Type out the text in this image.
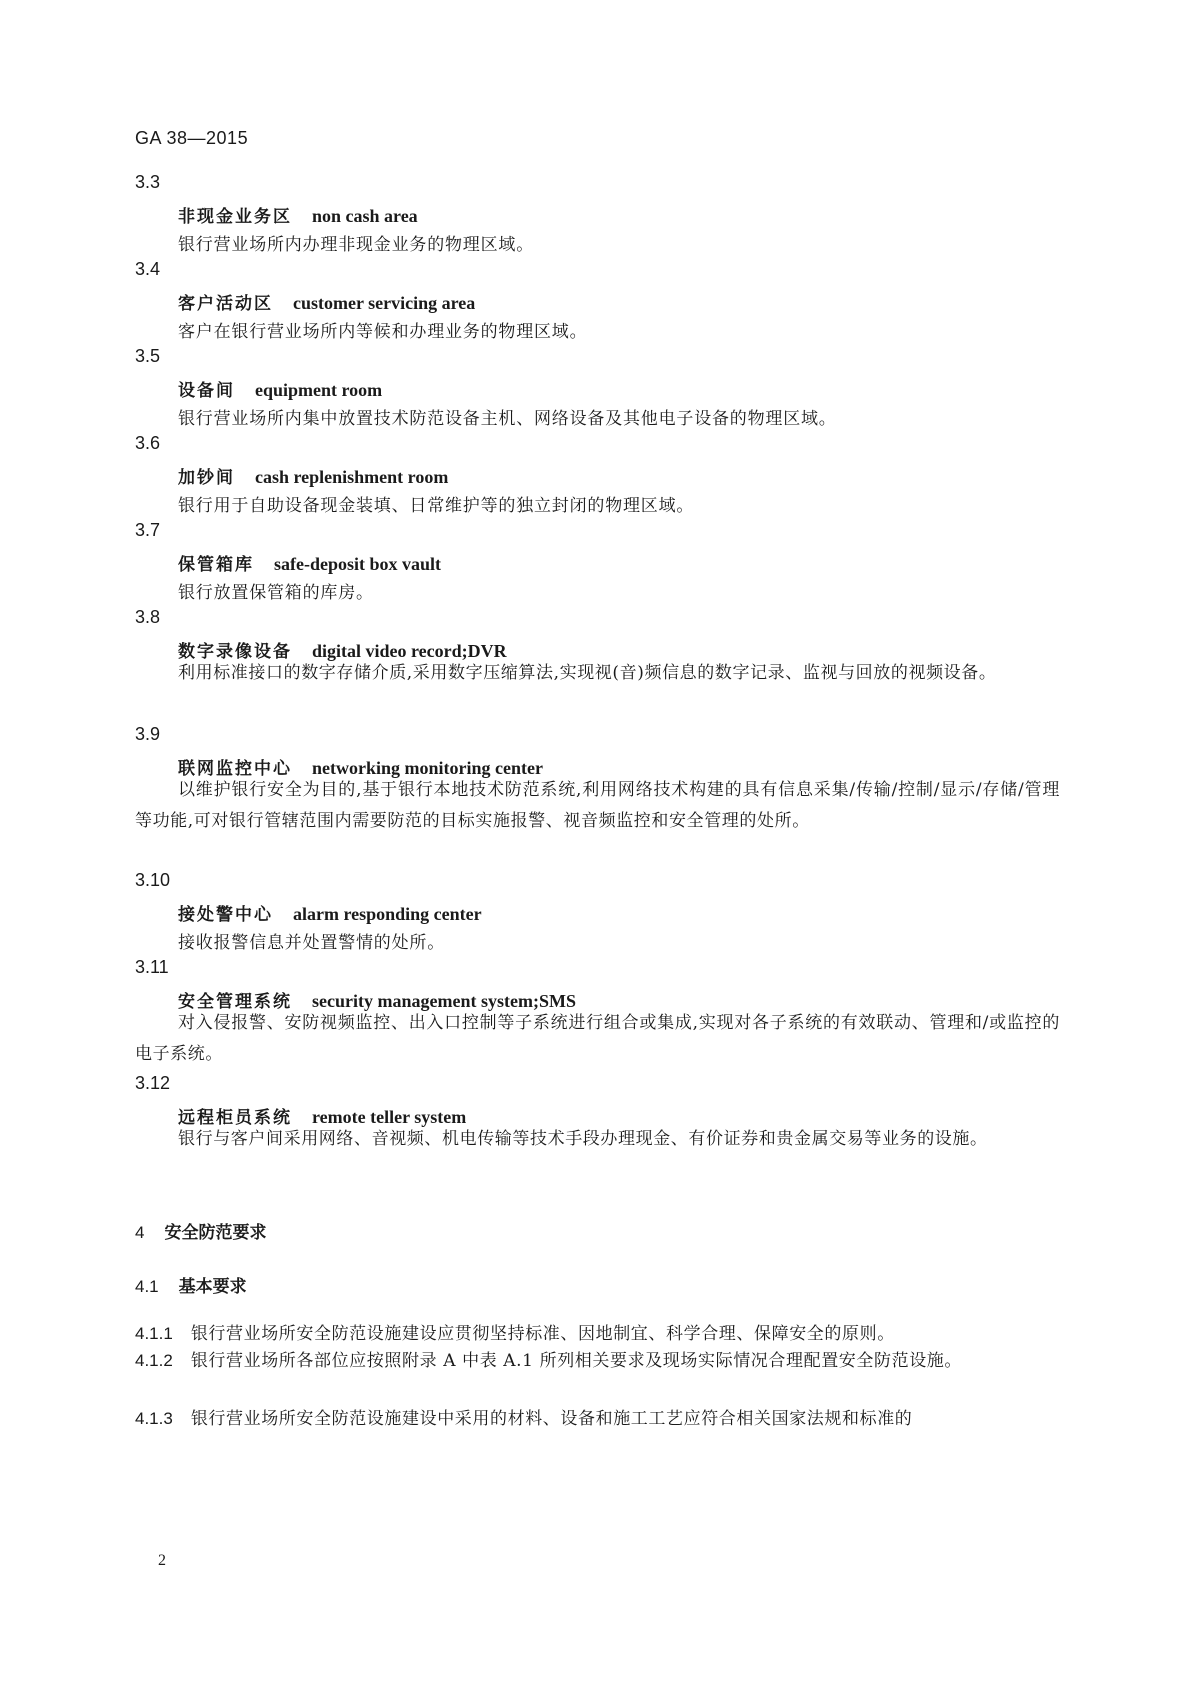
GA 38—2015
3.3
非现金业务区 non cash area
银行营业场所内办理非现金业务的物理区域。
3.4
客户活动区 customer servicing area
客户在银行营业场所内等候和办理业务的物理区域。
3.5
设备间 equipment room
银行营业场所内集中放置技术防范设备主机、网络设备及其他电子设备的物理区域。
3.6
加钞间 cash replenishment room
银行用于自助设备现金装填、日常维护等的独立封闭的物理区域。
3.7
保管箱库 safe-deposit box vault
银行放置保管箱的库房。
3.8
数字录像设备 digital video record;DVR
利用标准接口的数字存储介质,采用数字压缩算法,实现视(音)频信息的数字记录、监视与回放的视频设备。
3.9
联网监控中心 networking monitoring center
以维护银行安全为目的,基于银行本地技术防范系统,利用网络技术构建的具有信息采集/传输/控制/显示/存储/管理等功能,可对银行管辖范围内需要防范的目标实施报警、视音频监控和安全管理的处所。
3.10
接处警中心 alarm responding center
接收报警信息并处置警情的处所。
3.11
安全管理系统 security management system;SMS
对入侵报警、安防视频监控、出入口控制等子系统进行组合或集成,实现对各子系统的有效联动、管理和/或监控的电子系统。
3.12
远程柜员系统 remote teller system
银行与客户间采用网络、音视频、机电传输等技术手段办理现金、有价证券和贵金属交易等业务的设施。
4 安全防范要求
4.1 基本要求
4.1.1 银行营业场所安全防范设施建设应贯彻坚持标准、因地制宜、科学合理、保障安全的原则。
4.1.2 银行营业场所各部位应按照附录 A 中表 A.1 所列相关要求及现场实际情况合理配置安全防范设施。
4.1.3 银行营业场所安全防范设施建设中采用的材料、设备和施工工艺应符合相关国家法规和标准的
2
